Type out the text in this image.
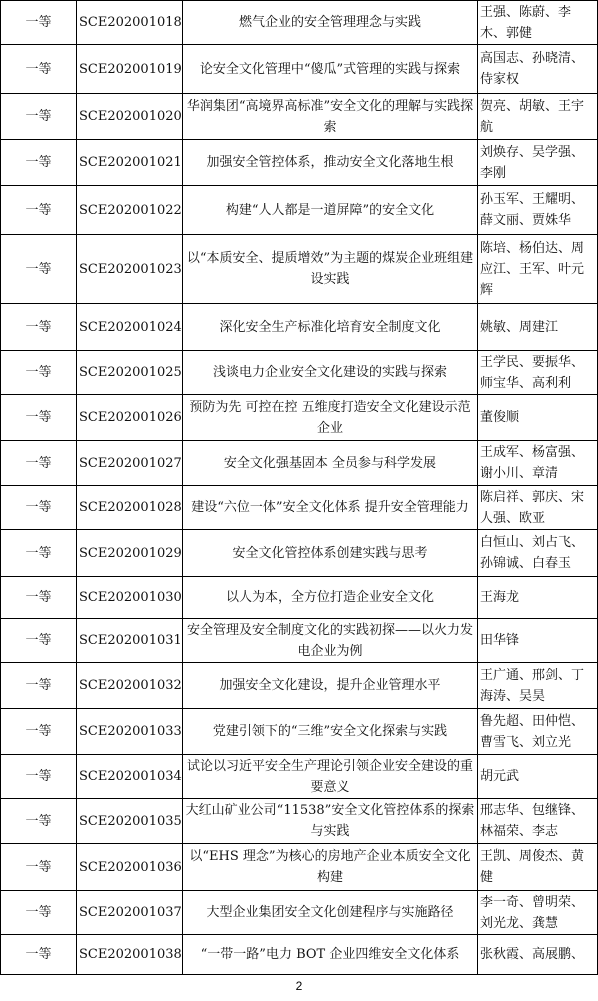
一等	SCE202001018	燃气企业的安全管理理念与实践	王强、陈蔚、李木、郭健
一等	SCE202001019	论安全文化管理中“傻瓜”式管理的实践与探索	高国志、孙晓清、侍家权
一等	SCE202001020	华润集团“高境界高标准”安全文化的理解与实践探索	贺亮、胡敏、王宇航
一等	SCE202001021	加强安全管控体系，推动安全文化落地生根	刘焕存、吴学强、李刚
一等	SCE202001022	构建“人人都是一道屏障”的安全文化	孙玉军、王耀明、薛文丽、贾姝华
一等	SCE202001023	以“本质安全、提质增效”为主题的煤炭企业班组建设实践	陈培、杨伯达、周应江、王军、叶元辉
一等	SCE202001024	深化安全生产标准化培育安全制度文化	姚敏、周建江
一等	SCE202001025	浅谈电力企业安全文化建设的实践与探索	王学民、要振华、师宝华、高利利
一等	SCE202001026	预防为先 可控在控 五维度打造安全文化建设示范企业	董俊顺
一等	SCE202001027	安全文化强基固本 全员参与科学发展	王成军、杨富强、谢小川、章清
一等	SCE202001028	建设“六位一体”安全文化体系 提升安全管理能力	陈启祥、郭庆、宋人强、欧亚
一等	SCE202001029	安全文化管控体系创建实践与思考	白恒山、刘占飞、孙锦诚、白春玉
一等	SCE202001030	以人为本，全方位打造企业安全文化	王海龙
一等	SCE202001031	安全管理及安全制度文化的实践初探——以火力发电企业为例	田华锋
一等	SCE202001032	加强安全文化建设，提升企业管理水平	王广通、邢剑、丁海涛、吴昊
一等	SCE202001033	党建引领下的“三维”安全文化探索与实践	鲁先超、田仲恺、曹雪飞、刘立光
一等	SCE202001034	试论以习近平安全生产理论引领企业安全建设的重要意义	胡元武
一等	SCE202001035	大红山矿业公司“11538”安全文化管控体系的探索与实践	邢志华、包继锋、林福荣、李志
一等	SCE202001036	以“EHS 理念”为核心的房地产企业本质安全文化构建	王凯、周俊杰、黄健
一等	SCE202001037	大型企业集团安全文化创建程序与实施路径	李一奇、曾明荣、刘光龙、龚慧
一等	SCE202001038	“一带一路”电力 BOT 企业四维安全文化体系	张秋霞、高展鹏、
2
